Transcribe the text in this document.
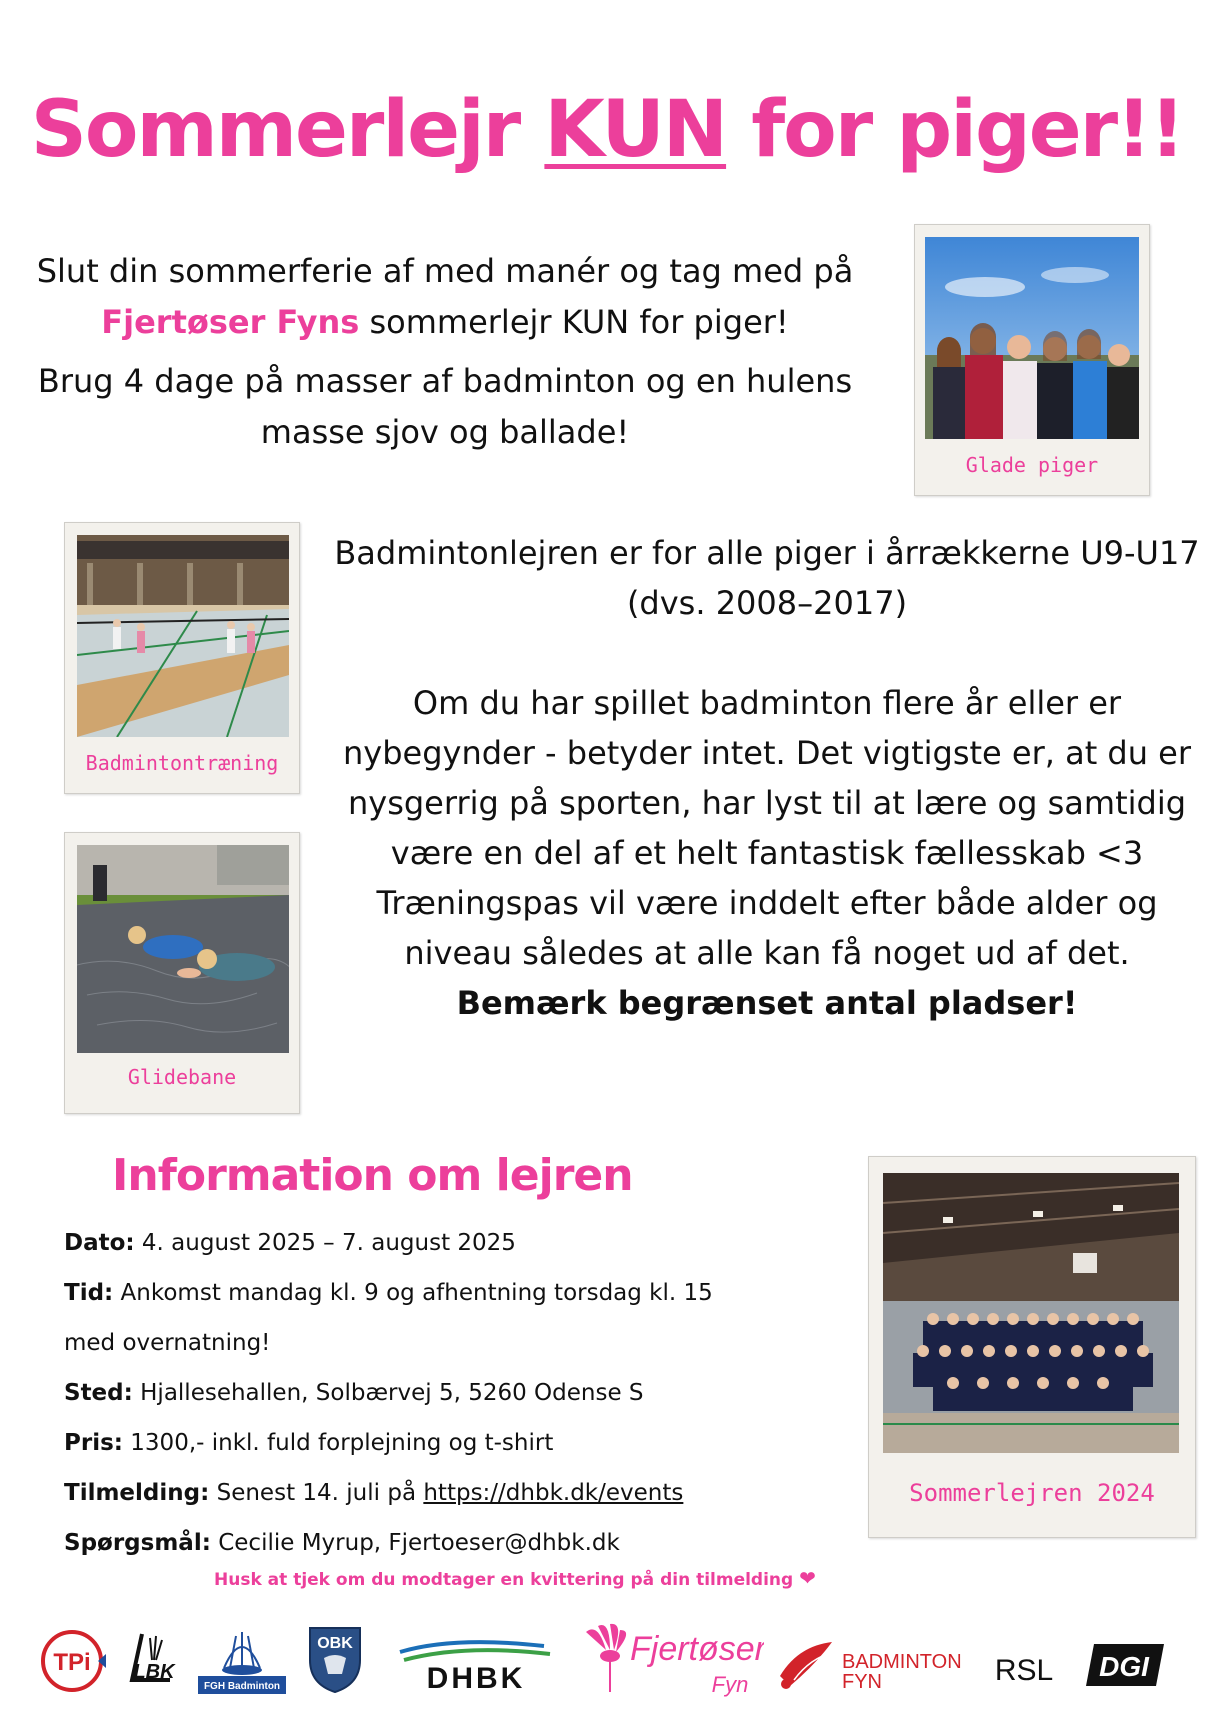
Sommerlejr KUN for piger!!

Slut din sommerferie af med manér og tag med på Fjertøser Fyns sommerlejr KUN for piger!

Brug 4 dage på masser af badminton og en hulens masse sjov og ballade!

Glade piger
Badmintontræning
Glidebane

Badmintonlejren er for alle piger i årrækkerne U9-U17 (dvs. 2008–2017)

Om du har spillet badminton flere år eller er nybegynder - betyder intet. Det vigtigste er, at du er nysgerrig på sporten, har lyst til at lære og samtidig være en del af et helt fantastisk fællesskab <3

Træningspas vil være inddelt efter både alder og niveau således at alle kan få noget ud af det.

Bemærk begrænset antal pladser!

Information om lejren
Dato: 4. august 2025 – 7. august 2025
Tid: Ankomst mandag kl. 9 og afhentning torsdag kl. 15
med overnatning!
Sted: Hjallesehallen, Solbærvej 5, 5260 Odense S
Pris: 1300,- inkl. fuld forplejning og t-shirt
Tilmelding: Senest 14. juli på https://dhbk.dk/events
Spørgsmål: Cecilie Myrup, Fjertoeser@dhbk.dk
Sommerlejren 2024
Husk at tjek om du modtager en kvittering på din tilmelding ❤
TPi LBK
FGH Badminton
OBK
DHBK
Fjertøser
Fyn
BADMINTON
FYN	RSL DGI
